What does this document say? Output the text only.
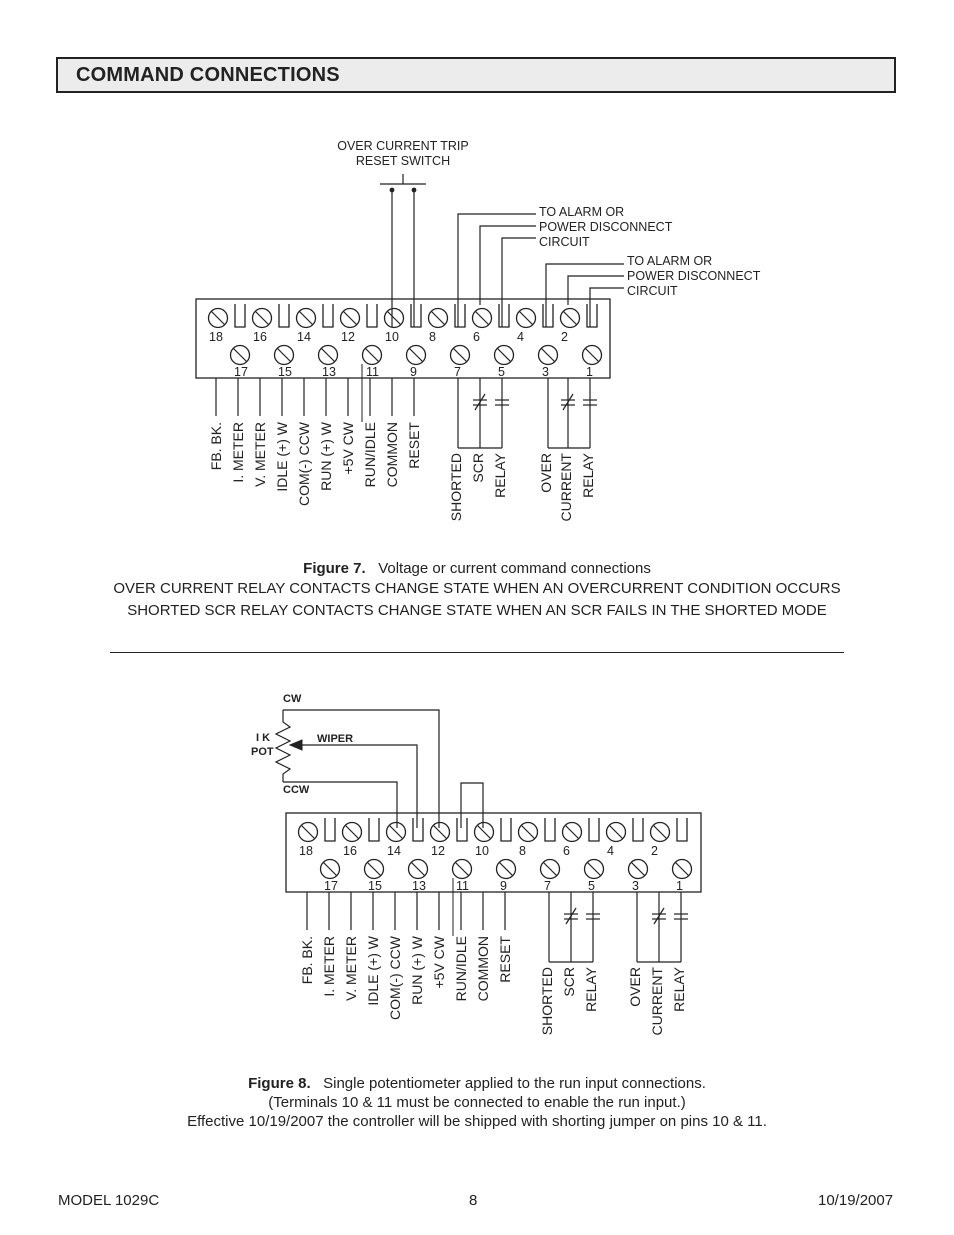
COMMAND CONNECTIONS
18 16 14 12 10 8	6	4	2
17 15 13 11 9	7	5	3	1
FB. BK. I. METER V. METER IDLE (+) W COM(-) CCW RUN (+) W +5V CW RUN/IDLE COMMON RESET
OVER CURRENT TRIP
RESET SWITCH
TO ALARM OR
POWER DISCONNECT
CIRCUIT
TO ALARM OR
POWER DISCONNECT
CIRCUIT
SHORTED SCR RELAY OVER CURRENT RELAY
18 16 14 12 10 8	6	4	2
17 15 13 11 9	7	5	3	1
FB. BK. I. METER V. METER IDLE (+) W COM(-) CCW RUN (+) W +5V CW RUN/IDLE COMMON RESET
CW
I K
POT
WIPER
CCW
SHORTED SCR RELAY OVER CURRENT RELAY
Figure 7. Voltage or current command connections
OVER CURRENT RELAY CONTACTS CHANGE STATE WHEN AN OVERCURRENT CONDITION OCCURS
SHORTED SCR RELAY CONTACTS CHANGE STATE WHEN AN SCR FAILS IN THE SHORTED MODE
Figure 8. Single potentiometer applied to the run input connections.
(Terminals 10 & 11 must be connected to enable the run input.)
Effective 10/19/2007 the controller will be shipped with shorting jumper on pins 10 & 11.
MODEL 1029C	8	10/19/2007
